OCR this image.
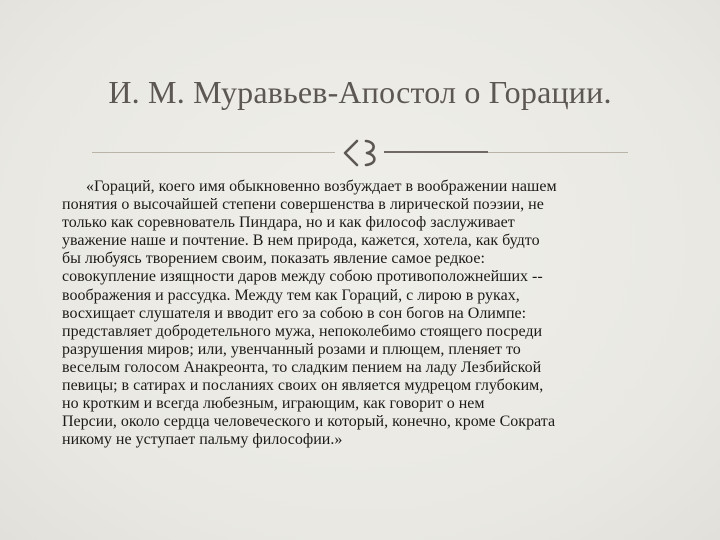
И. М. Муравьев-Апостол о Горации.
«Гораций, коего имя обыкновенно возбуждает в воображении нашем
понятия о высочайшей степени совершенства в лирической поэзии, не
только как соревнователь Пиндара, но и как философ заслуживает
уважение наше и почтение. В нем природа, кажется, хотела, как будто
бы любуясь творением своим, показать явление самое редкое:
совокупление изящности даров между собою противоположнейших --
воображения и рассудка. Между тем как Гораций, с лирою в руках,
восхищает слушателя и вводит его за собою в сон богов на Олимпе:
представляет добродетельного мужа, непоколебимо стоящего посреди
разрушения миров; или, увенчанный розами и плющем, пленяет то
веселым голосом Анакреонта, то сладким пением на ладу Лезбийской
певицы; в сатирах и посланиях своих он является мудрецом глубоким,
но кротким и всегда любезным, играющим, как говорит о нем
Персии, около сердца человеческого и который, конечно, кроме Сократа
никому не уступает пальму философии.»
